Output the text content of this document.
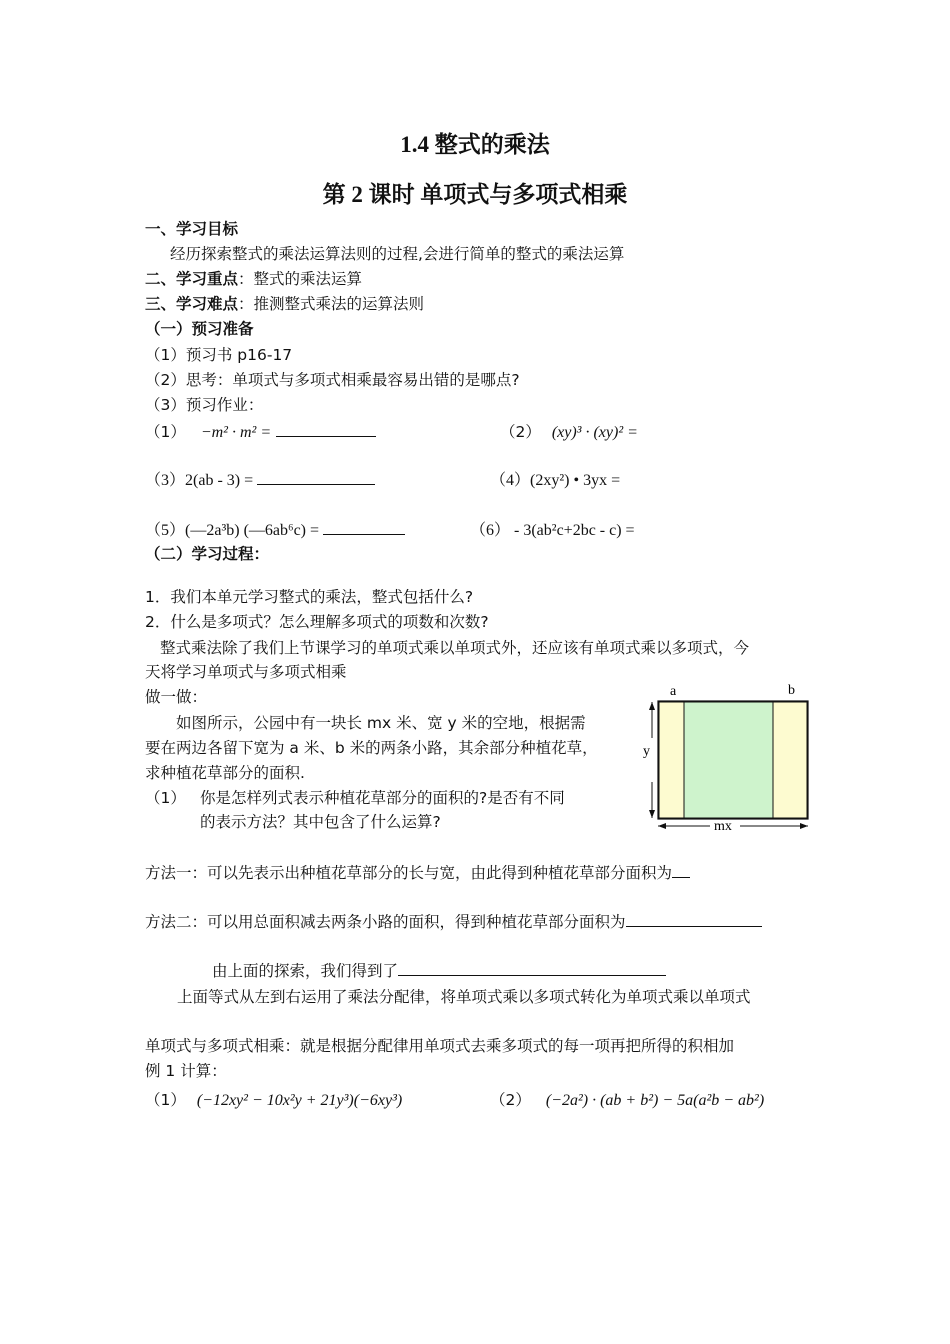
1.4 整式的乘法
第 2 课时 单项式与多项式相乘
一、学习目标
经历探索整式的乘法运算法则的过程,会进行简单的整式的乘法运算
二、学习重点：整式的乘法运算
三、学习难点：推测整式乘法的运算法则
（一）预习准备
（1）预习书 p16-17
（2）思考：单项式与多项式相乘最容易出错的是哪点?
（3）预习作业：
（1） −m² · m² =	（2） (xy)³ · (xy)² =
（3）2(ab - 3) =	（4）(2xy²) • 3yx =
（5）(—2a³b) (—6ab⁶c) =	（6） - 3(ab²c+2bc - c) =
（二）学习过程：
1．我们本单元学习整式的乘法，整式包括什么?
2．什么是多项式？怎么理解多项式的项数和次数?
整式乘法除了我们上节课学习的单项式乘以单项式外，还应该有单项式乘以多项式，今
天将学习单项式与多项式相乘
做一做：
如图所示，公园中有一块长 mx 米、宽 y 米的空地，根据需
要在两边各留下宽为 a 米、b 米的两条小路，其余部分种植花草，
求种植花草部分的面积.
（1） 你是怎样列式表示种植花草部分的面积的?是否有不同
的表示方法？其中包含了什么运算?
a	b
y
mx
方法一：可以先表示出种植花草部分的长与宽，由此得到种植花草部分面积为
方法二：可以用总面积减去两条小路的面积，得到种植花草部分面积为
由上面的探索，我们得到了
上面等式从左到右运用了乘法分配律，将单项式乘以多项式转化为单项式乘以单项式
单项式与多项式相乘：就是根据分配律用单项式去乘多项式的每一项再把所得的积相加
例 1 计算：
（1） (−12xy² − 10x²y + 21y³)(−6xy³)	（2） (−2a²) · (ab + b²) − 5a(a²b − ab²)
